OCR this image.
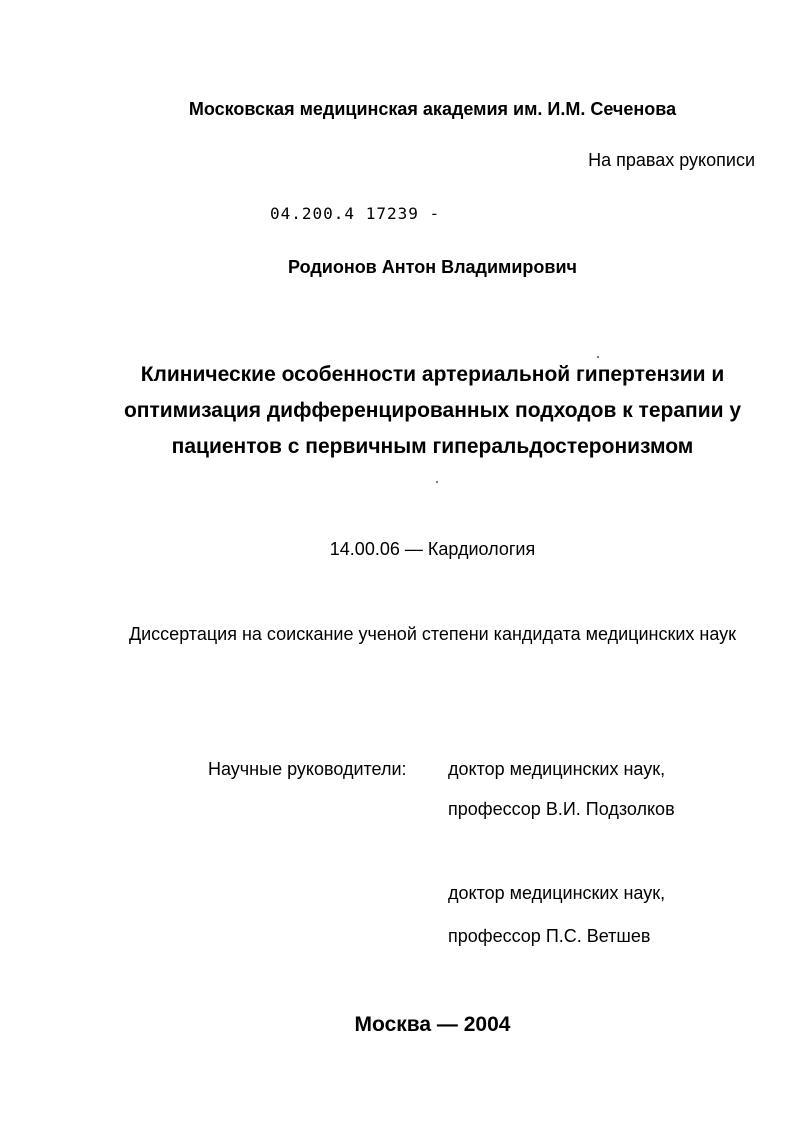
Московская медицинская академия им. И.М. Сеченова
На правах рукописи
04.200.4 17239 -
Родионов Антон Владимирович
Клинические особенности артериальной гипертензии и
оптимизация дифференцированных подходов к терапии у
пациентов с первичным гиперальдостеронизмом
14.00.06 — Кардиология
Диссертация на соискание ученой степени кандидата медицинских наук
Научные руководители: доктор медицинских наук,
профессор В.И. Подзолков
доктор медицинских наук,
профессор П.С. Ветшев
Москва — 2004
